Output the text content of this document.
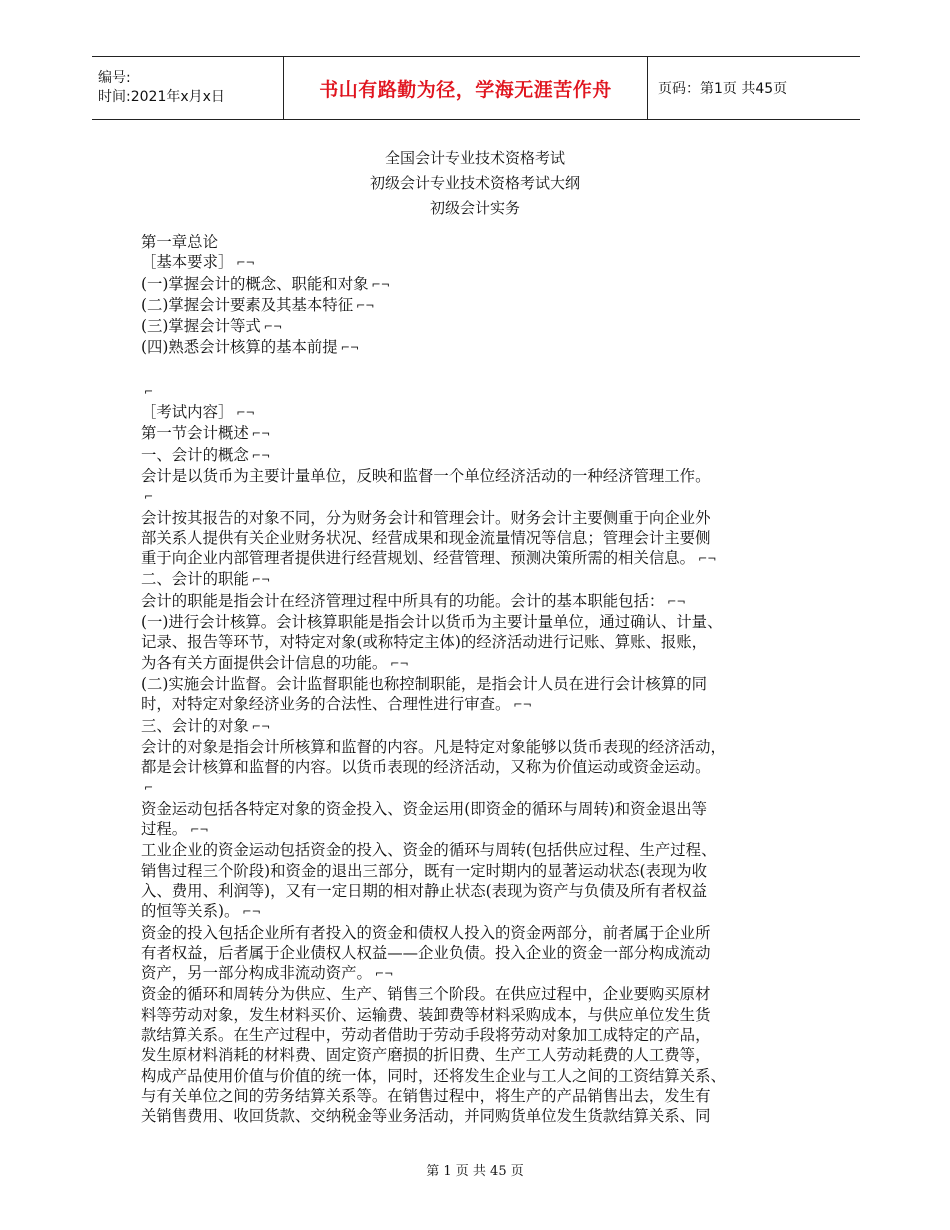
编号:
时间:2021年x月x日	书山有路勤为径，学海无涯苦作舟	页码：第1页 共45页
全国会计专业技术资格考试
初级会计专业技术资格考试大纲
初级会计实务

第一章总论

［基本要求］ ⌐¬

(一)掌握会计的概念、职能和对象 ⌐¬

(二)掌握会计要素及其基本特征 ⌐¬

(三)掌握会计等式 ⌐¬

(四)熟悉会计核算的基本前提 ⌐¬

⌐

［考试内容］ ⌐¬

第一节会计概述 ⌐¬

一、会计的概念 ⌐¬

会计是以货币为主要计量单位，反映和监督一个单位经济活动的一种经济管理工作。

⌐

会计按其报告的对象不同，分为财务会计和管理会计。财务会计主要侧重于向企业外

部关系人提供有关企业财务状况、经营成果和现金流量情况等信息；管理会计主要侧

重于向企业内部管理者提供进行经营规划、经营管理、预测决策所需的相关信息。 ⌐¬

二、会计的职能 ⌐¬

会计的职能是指会计在经济管理过程中所具有的功能。会计的基本职能包括： ⌐¬

(一)进行会计核算。会计核算职能是指会计以货币为主要计量单位，通过确认、计量、

记录、报告等环节，对特定对象(或称特定主体)的经济活动进行记账、算账、报账，

为各有关方面提供会计信息的功能。 ⌐¬

(二)实施会计监督。会计监督职能也称控制职能，是指会计人员在进行会计核算的同

时，对特定对象经济业务的合法性、合理性进行审查。 ⌐¬

三、会计的对象 ⌐¬

会计的对象是指会计所核算和监督的内容。凡是特定对象能够以货币表现的经济活动，

都是会计核算和监督的内容。以货币表现的经济活动，又称为价值运动或资金运动。

⌐

资金运动包括各特定对象的资金投入、资金运用(即资金的循环与周转)和资金退出等

过程。 ⌐¬

工业企业的资金运动包括资金的投入、资金的循环与周转(包括供应过程、生产过程、

销售过程三个阶段)和资金的退出三部分，既有一定时期内的显著运动状态(表现为收

入、费用、利润等)，又有一定日期的相对静止状态(表现为资产与负债及所有者权益

的恒等关系)。 ⌐¬

资金的投入包括企业所有者投入的资金和债权人投入的资金两部分，前者属于企业所

有者权益，后者属于企业债权人权益——企业负债。投入企业的资金一部分构成流动

资产，另一部分构成非流动资产。 ⌐¬

资金的循环和周转分为供应、生产、销售三个阶段。在供应过程中，企业要购买原材

料等劳动对象，发生材料买价、运输费、装卸费等材料采购成本，与供应单位发生货

款结算关系。在生产过程中，劳动者借助于劳动手段将劳动对象加工成特定的产品，

发生原材料消耗的材料费、固定资产磨损的折旧费、生产工人劳动耗费的人工费等，

构成产品使用价值与价值的统一体，同时，还将发生企业与工人之间的工资结算关系、

与有关单位之间的劳务结算关系等。在销售过程中，将生产的产品销售出去，发生有

关销售费用、收回货款、交纳税金等业务活动，并同购货单位发生货款结算关系、同

第 1 页 共 45 页
